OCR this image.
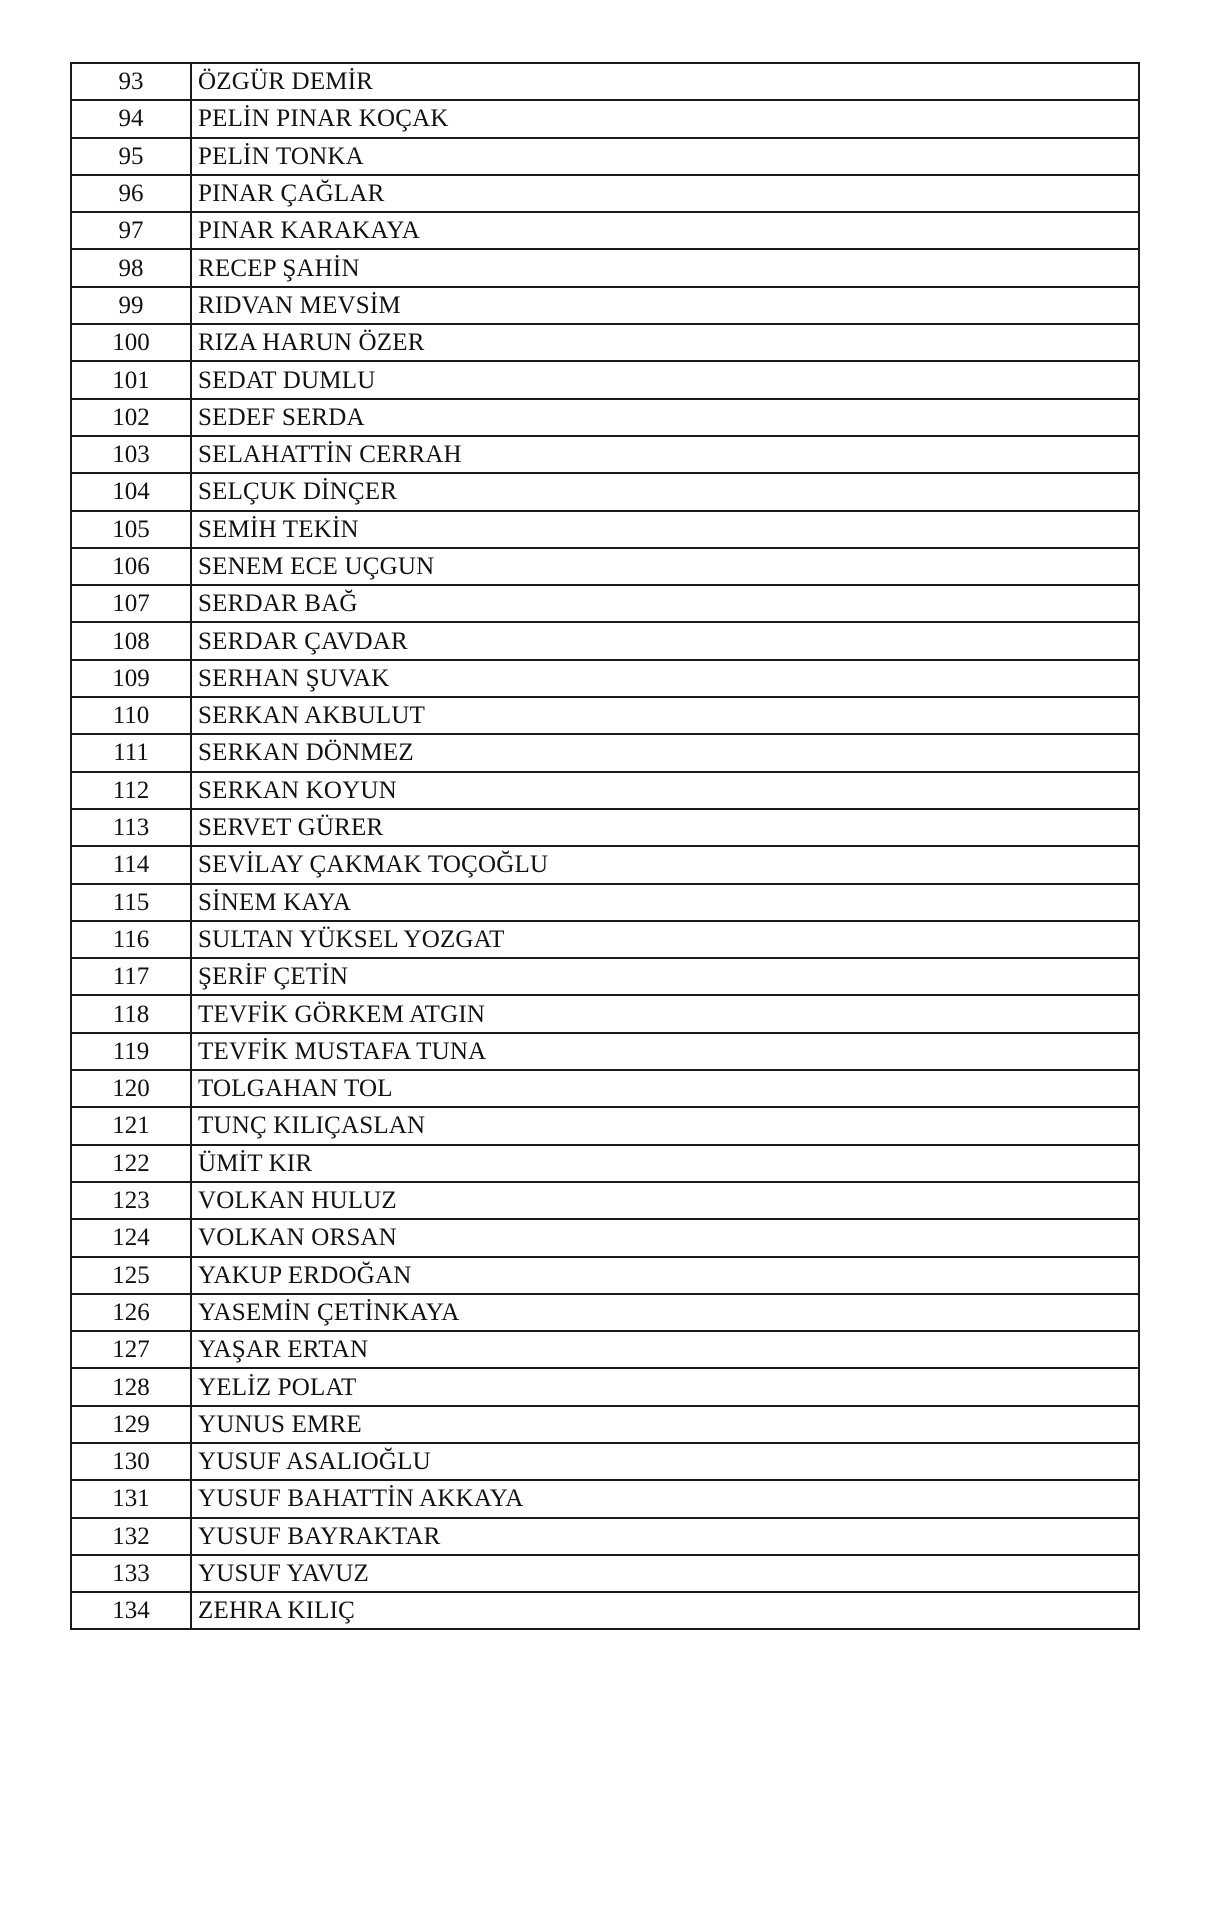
93	ÖZGÜR DEMİR
94	PELİN PINAR KOÇAK
95	PELİN TONKA
96	PINAR ÇAĞLAR
97	PINAR KARAKAYA
98	RECEP ŞAHİN
99	RIDVAN MEVSİM
100	RIZA HARUN ÖZER
101	SEDAT DUMLU
102	SEDEF SERDA
103	SELAHATTİN CERRAH
104	SELÇUK DİNÇER
105	SEMİH TEKİN
106	SENEM ECE UÇGUN
107	SERDAR BAĞ
108	SERDAR ÇAVDAR
109	SERHAN ŞUVAK
110	SERKAN AKBULUT
111	SERKAN DÖNMEZ
112	SERKAN KOYUN
113	SERVET GÜRER
114	SEVİLAY ÇAKMAK TOÇOĞLU
115	SİNEM KAYA
116	SULTAN YÜKSEL YOZGAT
117	ŞERİF ÇETİN
118	TEVFİK GÖRKEM ATGIN
119	TEVFİK MUSTAFA TUNA
120	TOLGAHAN TOL
121	TUNÇ KILIÇASLAN
122	ÜMİT KIR
123	VOLKAN HULUZ
124	VOLKAN ORSAN
125	YAKUP ERDOĞAN
126	YASEMİN ÇETİNKAYA
127	YAŞAR ERTAN
128	YELİZ POLAT
129	YUNUS EMRE
130	YUSUF ASALIOĞLU
131	YUSUF BAHATTİN AKKAYA
132	YUSUF BAYRAKTAR
133	YUSUF YAVUZ
134	ZEHRA KILIÇ
